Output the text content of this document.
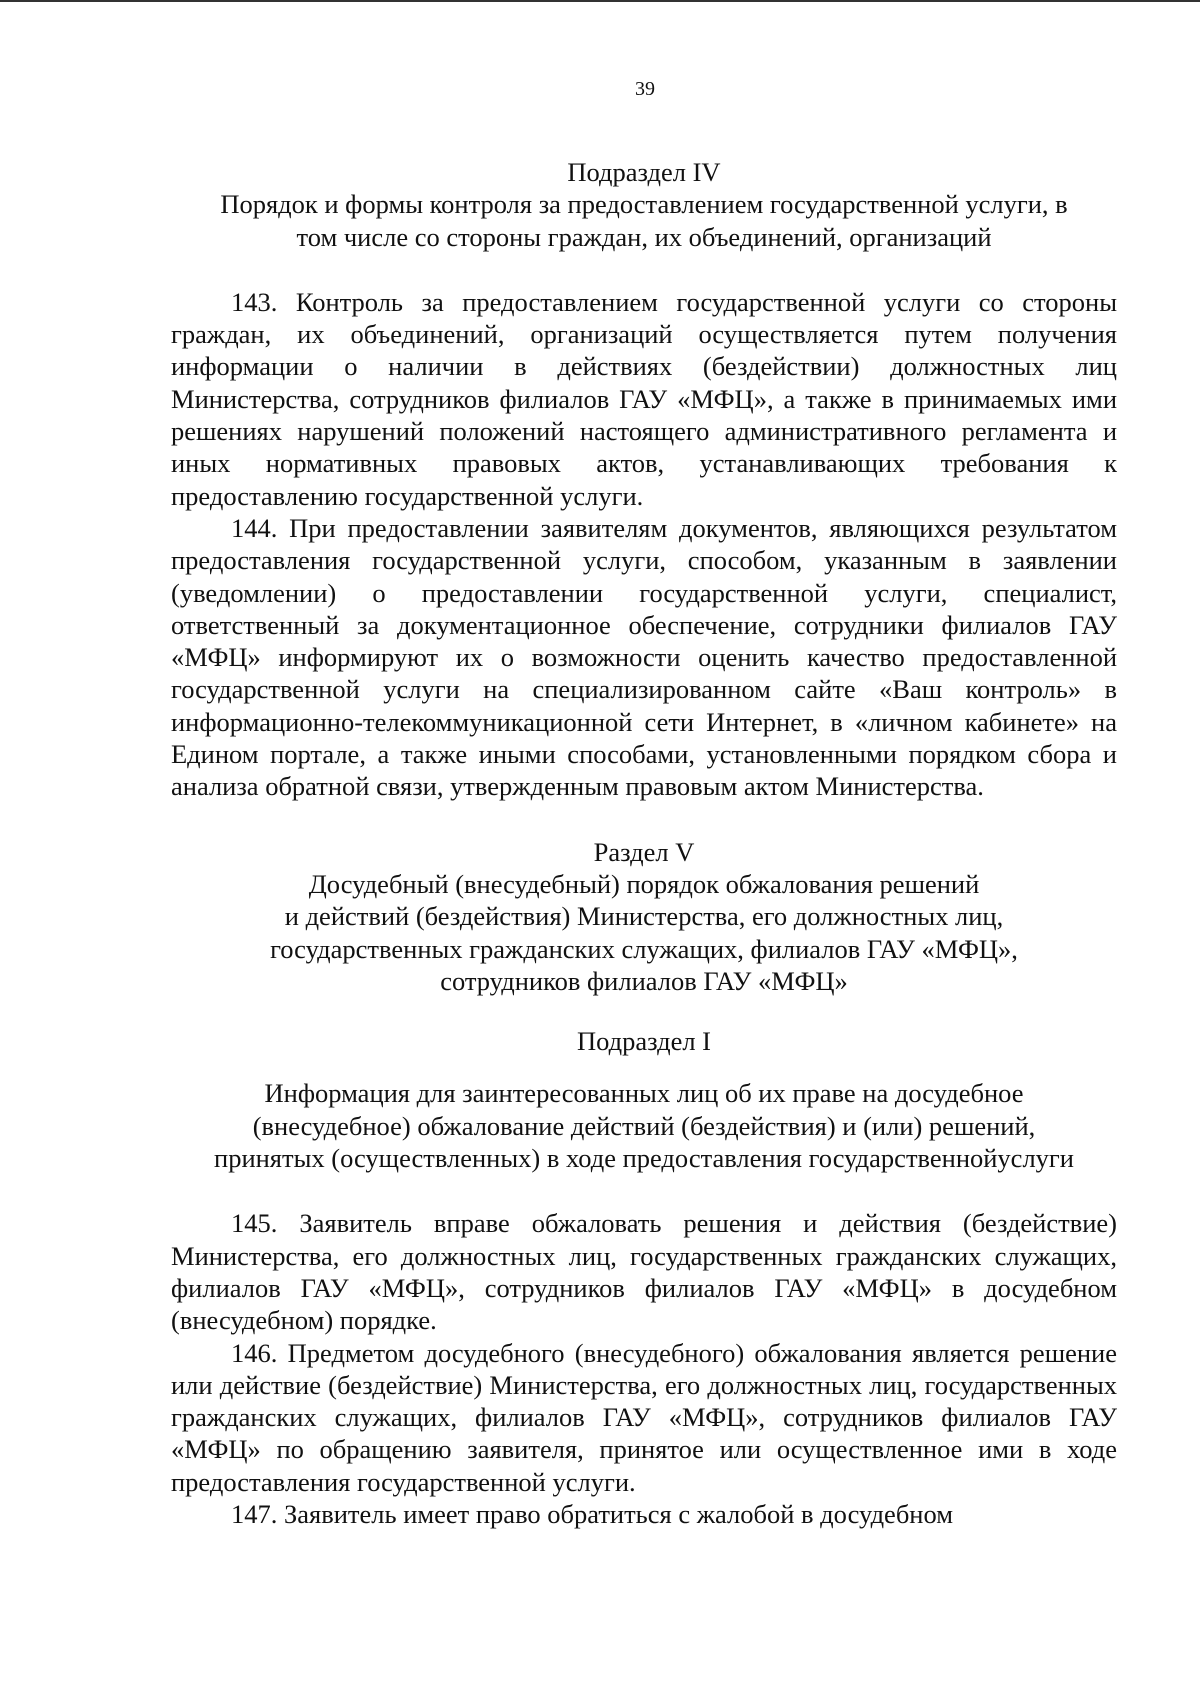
39
Подраздел IV
Порядок и формы контроля за предоставлением государственной услуги, в
том числе со стороны граждан, их объединений, организаций

143. Контроль за предоставлением государственной услуги со стороны граждан, их объединений, организаций осуществляется путем получения информации о наличии в действиях (бездействии) должностных лиц Министерства, сотрудников филиалов ГАУ «МФЦ», а также в принимаемых ими решениях нарушений положений настоящего административного регламента и иных нормативных правовых актов, устанавливающих требования к предоставлению государственной услуги.

144. При предоставлении заявителям документов, являющихся результатом предоставления государственной услуги, способом, указанным в заявлении (уведомлении) о предоставлении государственной услуги, специалист, ответственный за документационное обеспечение, сотрудники филиалов ГАУ «МФЦ» информируют их о возможности оценить качество предоставленной государственной услуги на специализированном сайте «Ваш контроль» в информационно-телекоммуникационной сети Интернет, в «личном кабинете» на Едином портале, а также иными способами, установленными порядком сбора и анализа обратной связи, утвержденным правовым актом Министерства.

Раздел V
Досудебный (внесудебный) порядок обжалования решений
и действий (бездействия) Министерства, его должностных лиц,
государственных гражданских служащих, филиалов ГАУ «МФЦ»,
сотрудников филиалов ГАУ «МФЦ»
Подраздел I
Информация для заинтересованных лиц об их праве на досудебное
(внесудебное) обжалование действий (бездействия) и (или) решений,
принятых (осуществленных) в ходе предоставления государственнойуслуги

145. Заявитель вправе обжаловать решения и действия (бездействие) Министерства, его должностных лиц, государственных гражданских служащих, филиалов ГАУ «МФЦ», сотрудников филиалов ГАУ «МФЦ» в досудебном (внесудебном) порядке.

146. Предметом досудебного (внесудебного) обжалования является решение или действие (бездействие) Министерства, его должностных лиц, государственных гражданских служащих, филиалов ГАУ «МФЦ», сотрудников филиалов ГАУ «МФЦ» по обращению заявителя, принятое или осуществленное ими в ходе предоставления государственной услуги.

147. Заявитель имеет право обратиться с жалобой в досудебном
